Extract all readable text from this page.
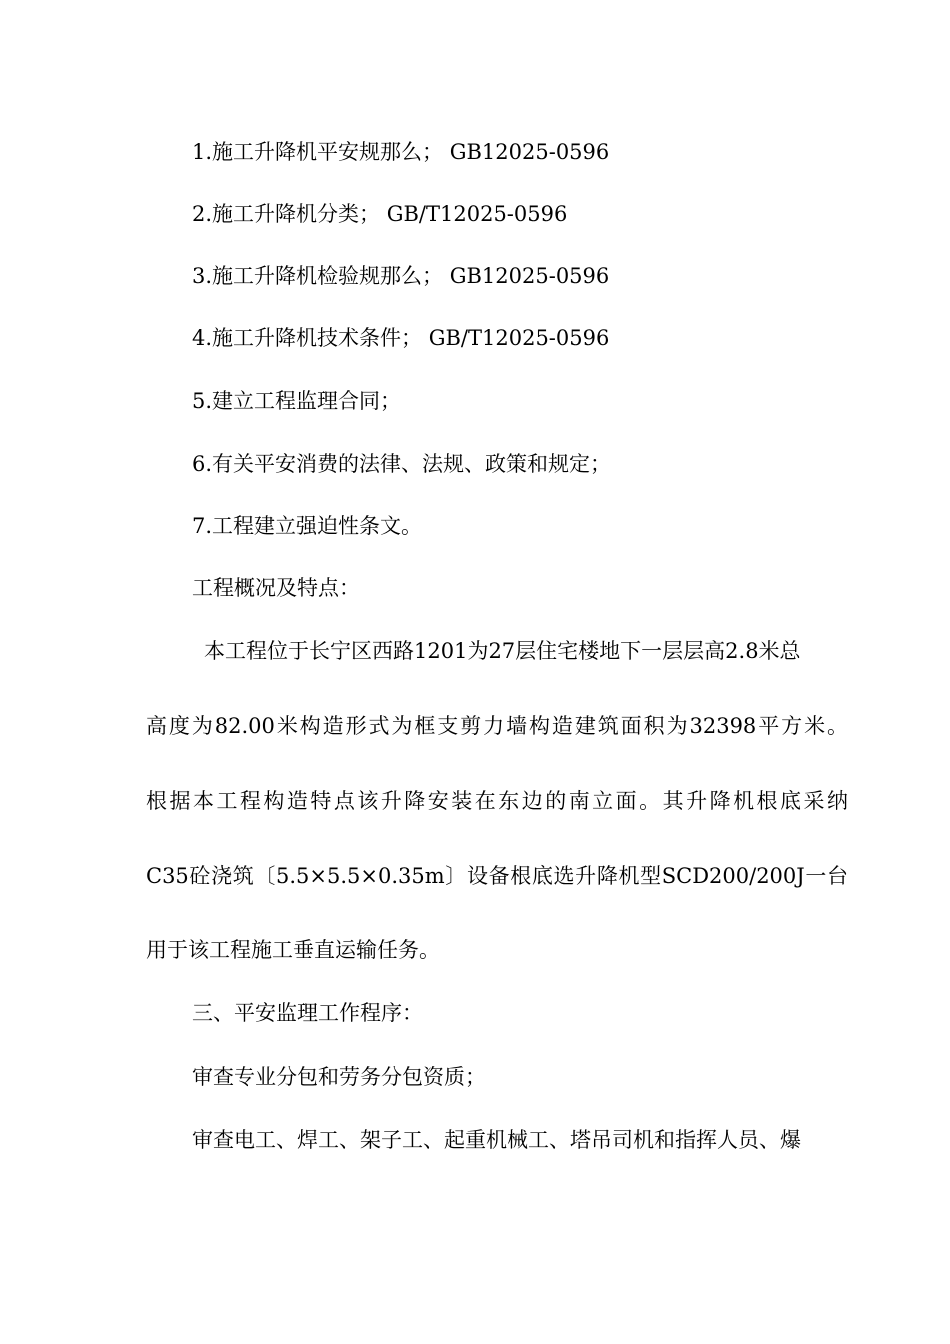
1.施工升降机平安规那么； GB12025-0596

2.施工升降机分类； GB/T12025-0596

3.施工升降机检验规那么； GB12025-0596

4.施工升降机技术条件； GB/T12025-0596

5.建立工程监理合同；

6.有关平安消费的法律、法规、政策和规定；

7.工程建立强迫性条文。

工程概况及特点：

本工程位于长宁区西路1201为27层住宅楼地下一层层高2.8米总

高度为82.00米构造形式为框支剪力墙构造建筑面积为32398平方米。

根据本工程构造特点该升降安装在东边的南立面。其升降机根底采纳

C35砼浇筑〔5.5×5.5×0.35m〕设备根底选升降机型SCD200/200J一台

用于该工程施工垂直运输任务。

三、平安监理工作程序：

审查专业分包和劳务分包资质；

审查电工、焊工、架子工、起重机械工、塔吊司机和指挥人员、爆
